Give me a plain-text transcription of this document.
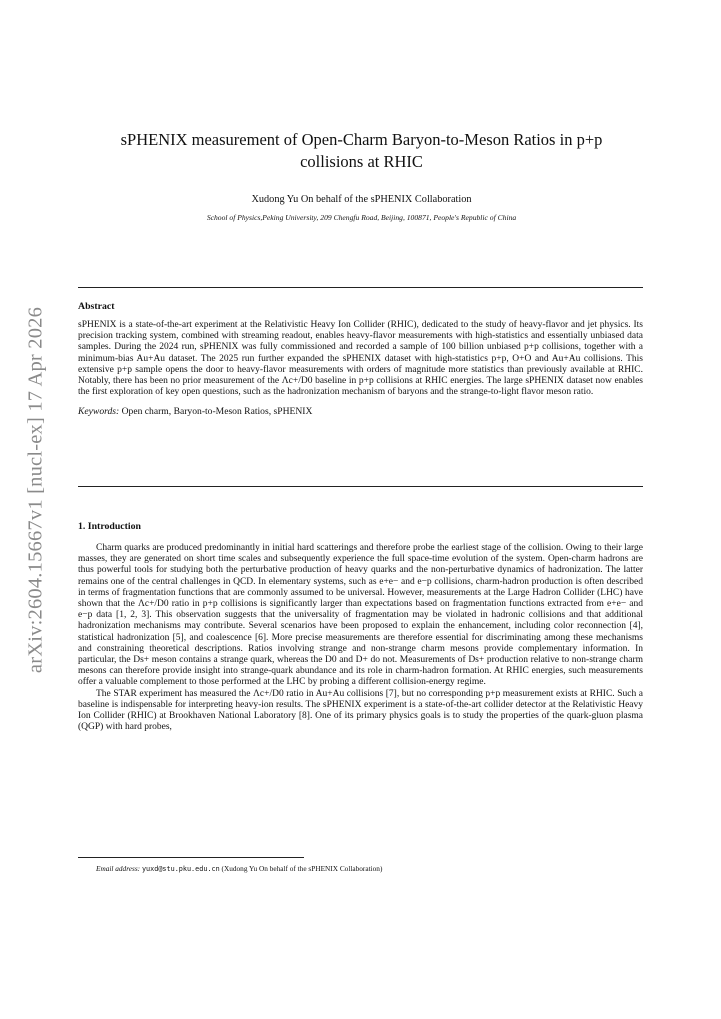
arXiv:2604.15667v1 [nucl-ex] 17 Apr 2026
sPHENIX measurement of Open-Charm Baryon-to-Meson Ratios in p+p
collisions at RHIC
Xudong Yu On behalf of the sPHENIX Collaboration
School of Physics,Peking University, 209 Chengfu Road, Beijing, 100871, People's Republic of China
Abstract

sPHENIX is a state-of-the-art experiment at the Relativistic Heavy Ion Collider (RHIC), dedicated to the study of heavy-flavor and jet physics. Its precision tracking system, combined with streaming readout, enables heavy-flavor measurements with high-statistics and essentially unbiased data samples. During the 2024 run, sPHENIX was fully commissioned and recorded a sample of 100 billion unbiased p+p collisions, together with a minimum-bias Au+Au dataset. The 2025 run further expanded the sPHENIX dataset with high-statistics p+p, O+O and Au+Au collisions. This extensive p+p sample opens the door to heavy-flavor measurements with orders of magnitude more statistics than previously available at RHIC. Notably, there has been no prior measurement of the Λc+/D0 baseline in p+p collisions at RHIC energies. The large sPHENIX dataset now enables the first exploration of key open questions, such as the hadronization mechanism of baryons and the strange-to-light flavor meson ratio.

Keywords: Open charm, Baryon-to-Meson Ratios, sPHENIX
1. Introduction

Charm quarks are produced predominantly in initial hard scatterings and therefore probe the earliest stage of the collision. Owing to their large masses, they are generated on short time scales and subsequently experience the full space-time evolution of the system. Open-charm hadrons are thus powerful tools for studying both the perturbative production of heavy quarks and the non-perturbative dynamics of hadronization. The latter remains one of the central challenges in QCD. In elementary systems, such as e+e− and e−p collisions, charm-hadron production is often described in terms of fragmentation functions that are commonly assumed to be universal. However, measurements at the Large Hadron Collider (LHC) have shown that the Λc+/D0 ratio in p+p collisions is significantly larger than expectations based on fragmentation functions extracted from e+e− and e−p data [1, 2, 3]. This observation suggests that the universality of fragmentation may be violated in hadronic collisions and that additional hadronization mechanisms may contribute. Several scenarios have been proposed to explain the enhancement, including color reconnection [4], statistical hadronization [5], and coalescence [6]. More precise measurements are therefore essential for discriminating among these mechanisms and constraining theoretical descriptions. Ratios involving strange and non-strange charm mesons provide complementary information. In particular, the Ds+ meson contains a strange quark, whereas the D0 and D+ do not. Measurements of Ds+ production relative to non-strange charm mesons can therefore provide insight into strange-quark abundance and its role in charm-hadron formation. At RHIC energies, such measurements offer a valuable complement to those performed at the LHC by probing a different collision-energy regime.

The STAR experiment has measured the Λc+/D0 ratio in Au+Au collisions [7], but no corresponding p+p measurement exists at RHIC. Such a baseline is indispensable for interpreting heavy-ion results. The sPHENIX experiment is a state-of-the-art collider detector at the Relativistic Heavy Ion Collider (RHIC) at Brookhaven National Laboratory [8]. One of its primary physics goals is to study the properties of the quark-gluon plasma (QGP) with hard probes,

Email address: yuxd@stu.pku.edu.cn (Xudong Yu On behalf of the sPHENIX Collaboration)
